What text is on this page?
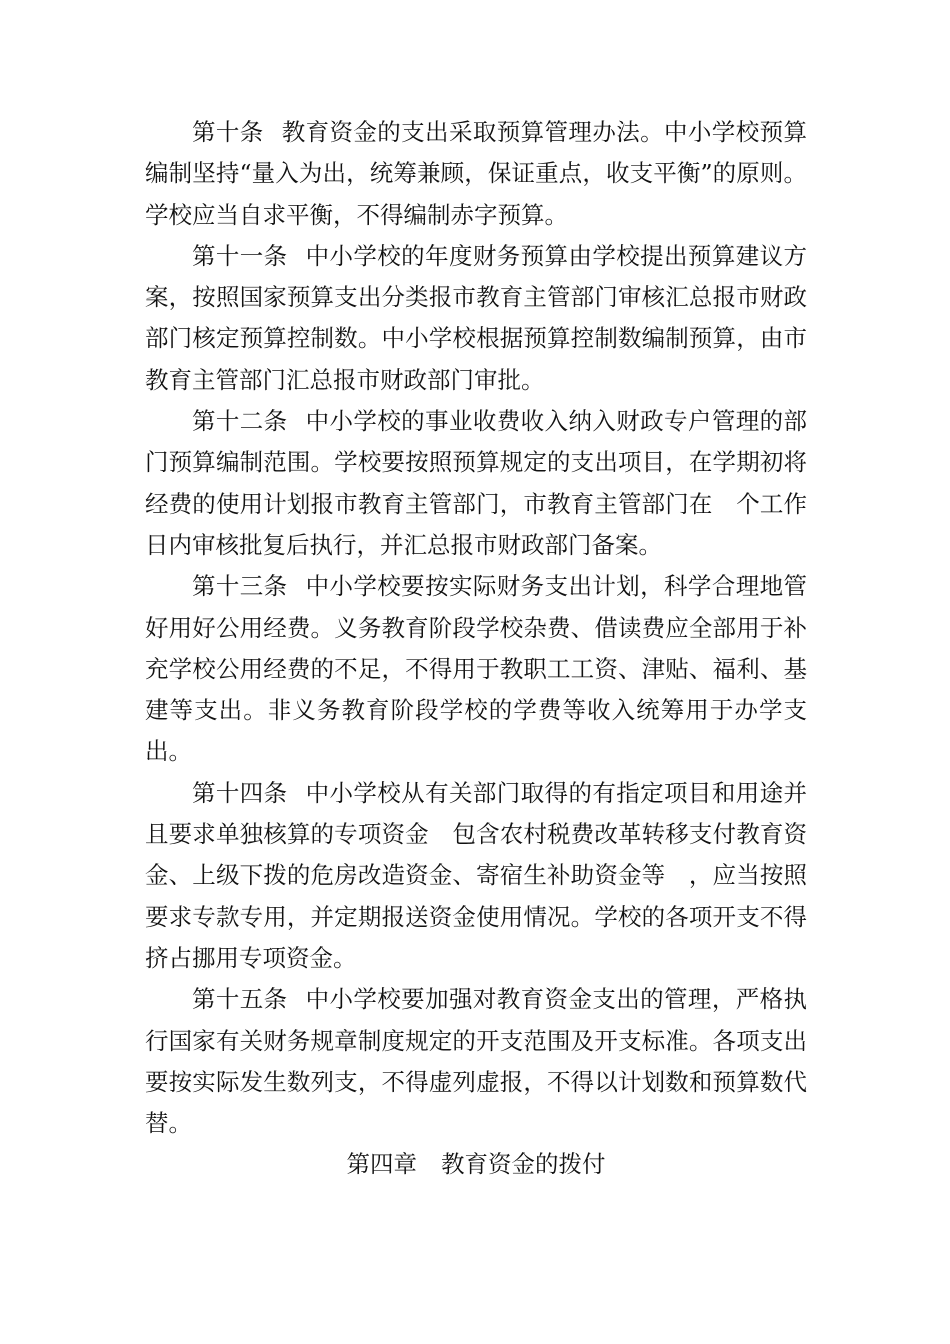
第十条 教育资金的支出采取预算管理办法。中小学校预算编制坚持“量入为出，统筹兼顾，保证重点，收支平衡”的原则。学校应当自求平衡，不得编制赤字预算。

第十一条 中小学校的年度财务预算由学校提出预算建议方案，按照国家预算支出分类报市教育主管部门审核汇总报市财政部门核定预算控制数。中小学校根据预算控制数编制预算，由市教育主管部门汇总报市财政部门审批。

第十二条 中小学校的事业收费收入纳入财政专户管理的部门预算编制范围。学校要按照预算规定的支出项目，在学期初将经费的使用计划报市教育主管部门，市教育主管部门在　个工作日内审核批复后执行，并汇总报市财政部门备案。

第十三条 中小学校要按实际财务支出计划，科学合理地管好用好公用经费。义务教育阶段学校杂费、借读费应全部用于补充学校公用经费的不足，不得用于教职工工资、津贴、福利、基建等支出。非义务教育阶段学校的学费等收入统筹用于办学支出。

第十四条 中小学校从有关部门取得的有指定项目和用途并且要求单独核算的专项资金　包含农村税费改革转移支付教育资金、上级下拨的危房改造资金、寄宿生补助资金等　，应当按照要求专款专用，并定期报送资金使用情况。学校的各项开支不得挤占挪用专项资金。

第十五条 中小学校要加强对教育资金支出的管理，严格执行国家有关财务规章制度规定的开支范围及开支标准。各项支出要按实际发生数列支，不得虚列虚报，不得以计划数和预算数代替。

第四章 教育资金的拨付
